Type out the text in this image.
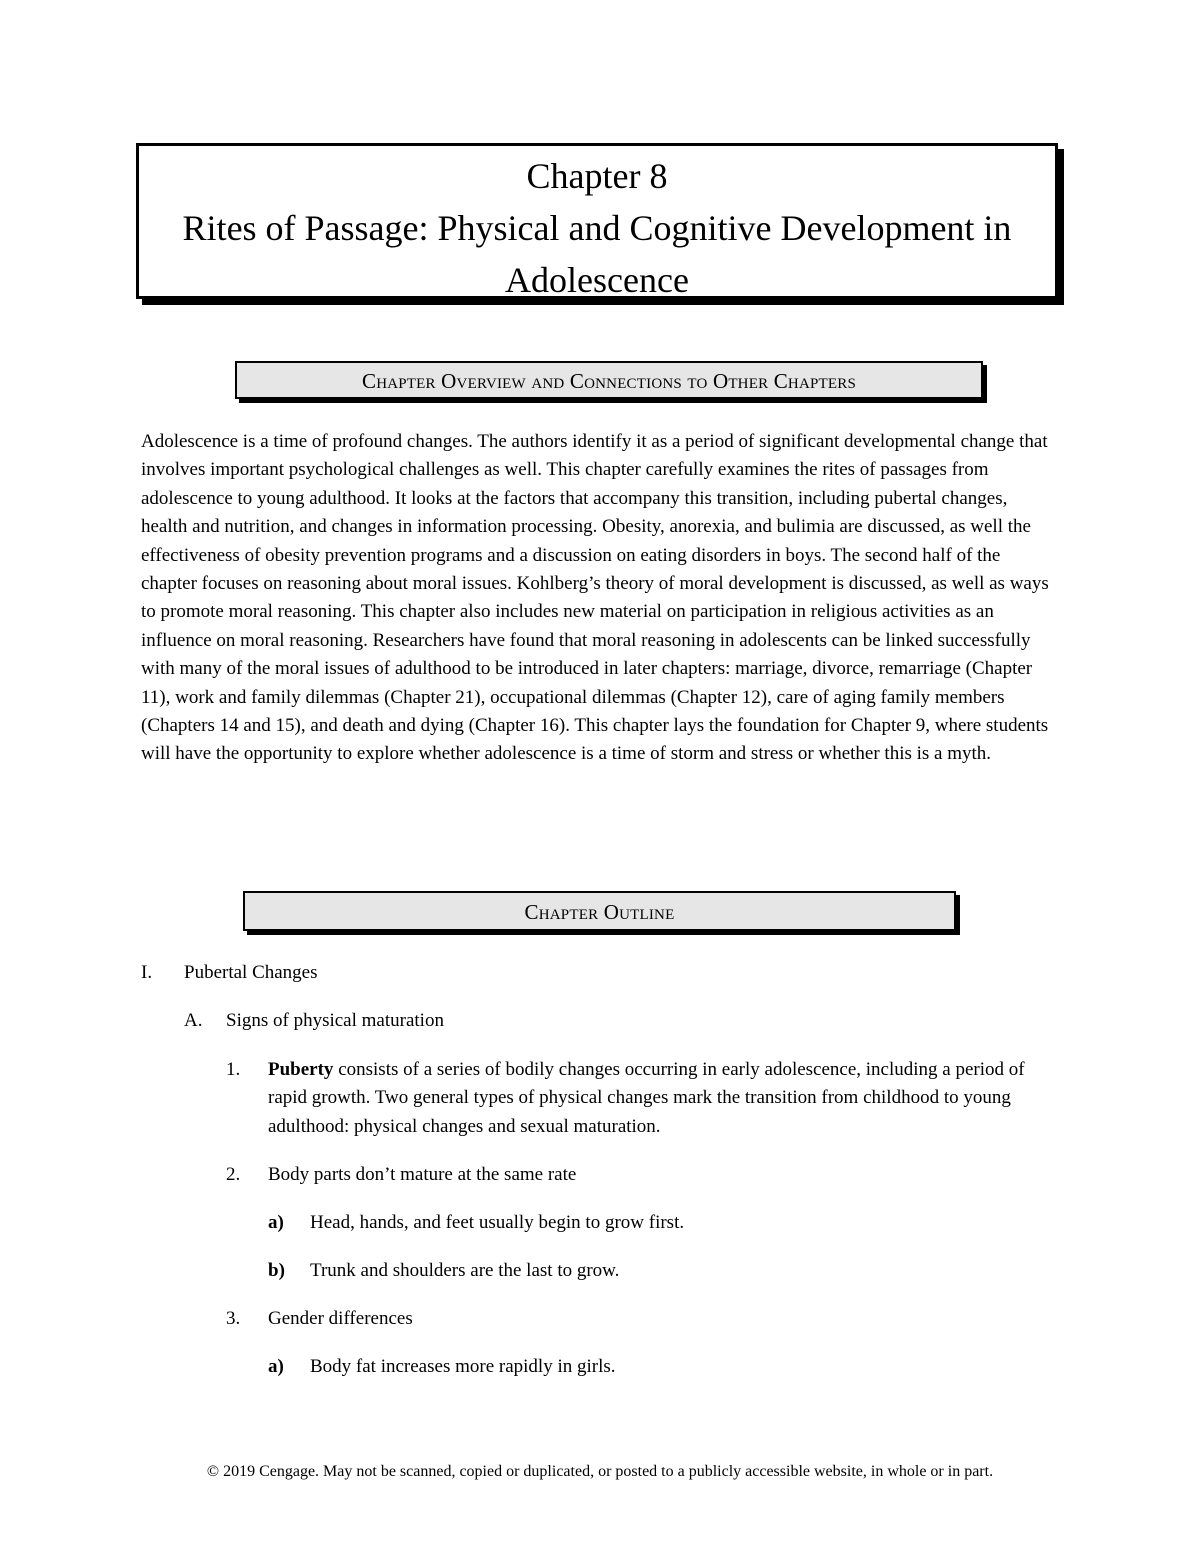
Chapter 8
Rites of Passage: Physical and Cognitive Development in
Adolescence
Chapter Overview and Connections to Other Chapters

Adolescence is a time of profound changes. The authors identify it as a period of significant developmental change that involves important psychological challenges as well. This chapter carefully examines the rites of passages from adolescence to young adulthood. It looks at the factors that accompany this transition, including pubertal changes, health and nutrition, and changes in information processing. Obesity, anorexia, and bulimia are discussed, as well the effectiveness of obesity prevention programs and a discussion on eating disorders in boys. The second half of the chapter focuses on reasoning about moral issues. Kohlberg’s theory of moral development is discussed, as well as ways to promote moral reasoning. This chapter also includes new material on participation in religious activities as an influence on moral reasoning. Researchers have found that moral reasoning in adolescents can be linked successfully with many of the moral issues of adulthood to be introduced in later chapters: marriage, divorce, remarriage (Chapter 11), work and family dilemmas (Chapter 21), occupational dilemmas (Chapter 12), care of aging family members (Chapters 14 and 15), and death and dying (Chapter 16). This chapter lays the foundation for Chapter 9, where students will have the opportunity to explore whether adolescence is a time of storm and stress or whether this is a myth.

Chapter Outline
I. Pubertal Changes
A. Signs of physical maturation
1. Puberty consists of a series of bodily changes occurring in early adolescence, including a period of rapid growth. Two general types of physical changes mark the transition from childhood to young adulthood: physical changes and sexual maturation.
2. Body parts don’t mature at the same rate
a) Head, hands, and feet usually begin to grow first.
b) Trunk and shoulders are the last to grow.
3. Gender differences
a) Body fat increases more rapidly in girls.
© 2019 Cengage. May not be scanned, copied or duplicated, or posted to a publicly accessible website, in whole or in part.
